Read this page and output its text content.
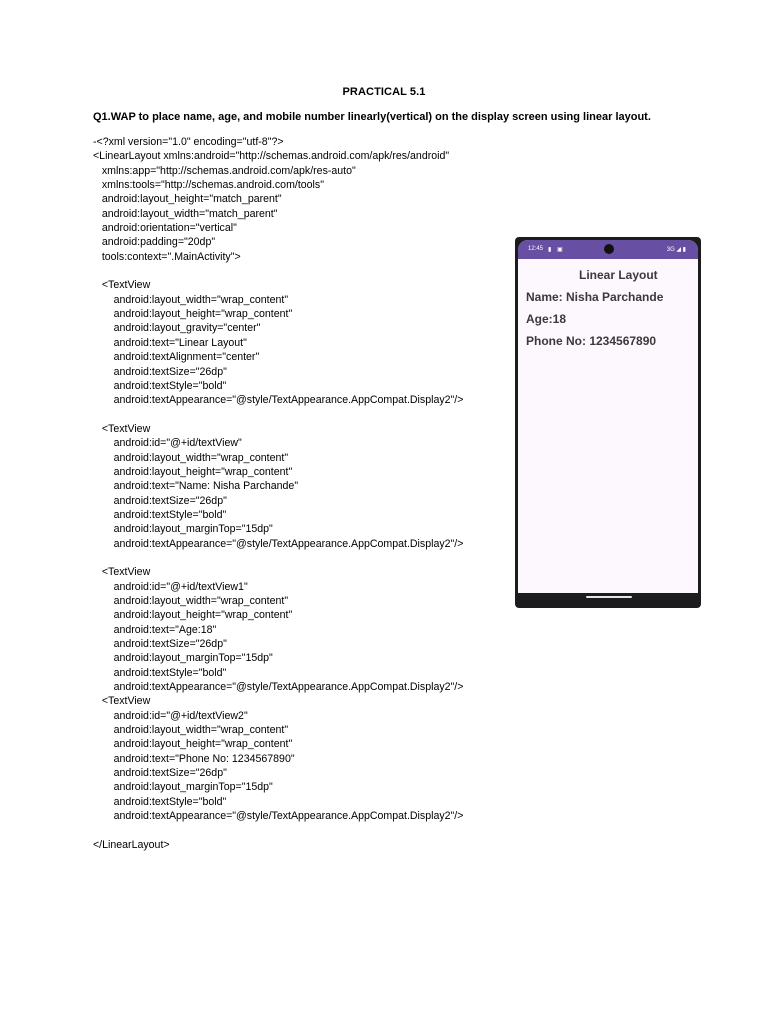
PRACTICAL 5.1
Q1.WAP to place name, age, and mobile number linearly(vertical) on the display screen using linear layout.
-<?xml version="1.0" encoding="utf-8"?>
<LinearLayout xmlns:android="http://schemas.android.com/apk/res/android"
xmlns:app="http://schemas.android.com/apk/res-auto"
xmlns:tools="http://schemas.android.com/tools"
android:layout_height="match_parent"
android:layout_width="match_parent"
android:orientation="vertical"
android:padding="20dp"
tools:context=".MainActivity">
<TextView
android:layout_width="wrap_content"
android:layout_height="wrap_content"
android:layout_gravity="center"
android:text="Linear Layout"
android:textAlignment="center"
android:textSize="26dp"
android:textStyle="bold"
android:textAppearance="@style/TextAppearance.AppCompat.Display2"/>
<TextView
android:id="@+id/textView"
android:layout_width="wrap_content"
android:layout_height="wrap_content"
android:text="Name: Nisha Parchande"
android:textSize="26dp"
android:textStyle="bold"
android:layout_marginTop="15dp"
android:textAppearance="@style/TextAppearance.AppCompat.Display2"/>
<TextView
android:id="@+id/textView1"
android:layout_width="wrap_content"
android:layout_height="wrap_content"
android:text="Age:18"
android:textSize="26dp"
android:layout_marginTop="15dp"
android:textStyle="bold"
android:textAppearance="@style/TextAppearance.AppCompat.Display2"/>
<TextView
android:id="@+id/textView2"
android:layout_width="wrap_content"
android:layout_height="wrap_content"
android:text="Phone No: 1234567890"
android:textSize="26dp"
android:layout_marginTop="15dp"
android:textStyle="bold"
android:textAppearance="@style/TextAppearance.AppCompat.Display2"/>
</LinearLayout>
12:45 ▮ ▣	3G ◢ ▮
Linear Layout
Name: Nisha Parchande
Age:18
Phone No: 1234567890
